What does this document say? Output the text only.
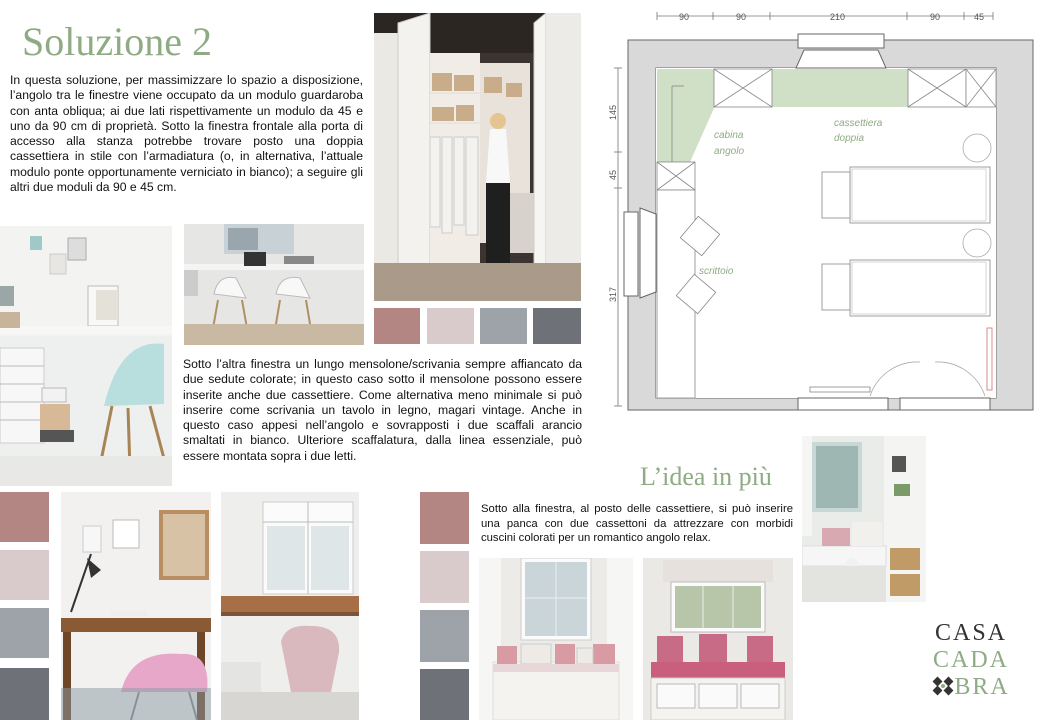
Soluzione 2
In questa soluzione, per massimizzare lo spazio a disposizione, l’angolo tra le finestre viene occupato da un modulo guardaroba con anta obliqua; ai due lati rispettivamente un modulo da 45 e uno da 90 cm di proprietà. Sotto la finestra frontale alla porta di accesso alla stanza potrebbe trovare posto una doppia cassettiera in stile con l’armadiatura (o, in alternativa, l’attuale modulo ponte opportunamente verniciato in bianco); a seguire gli altri due moduli da 90 e 45 cm.
Sotto l’altra finestra un lungo mensolone/scrivania sempre affiancato da due sedute colorate; in questo caso sotto il mensolone possono essere inserite anche due cassettiere. Come alternativa meno minimale si può inserire come scrivania un tavolo in legno, magari vintage. Anche in questo caso appesi nell’angolo e sovrapposti i due scaffali arancio smaltati in bianco. Ulteriore scaffalatura, dalla linea essenziale, può essere montata sopra i due letti.
90	90	210	90	45
145
45
317
cabina
angolo
cassettiera
doppia
scrittoio
CASA
CADA
BRA
L’idea in più
Sotto alla finestra, al posto delle cassettiere, si può inserire una panca con due cassettoni da attrezzare con morbidi cuscini colorati per un romantico angolo relax.
